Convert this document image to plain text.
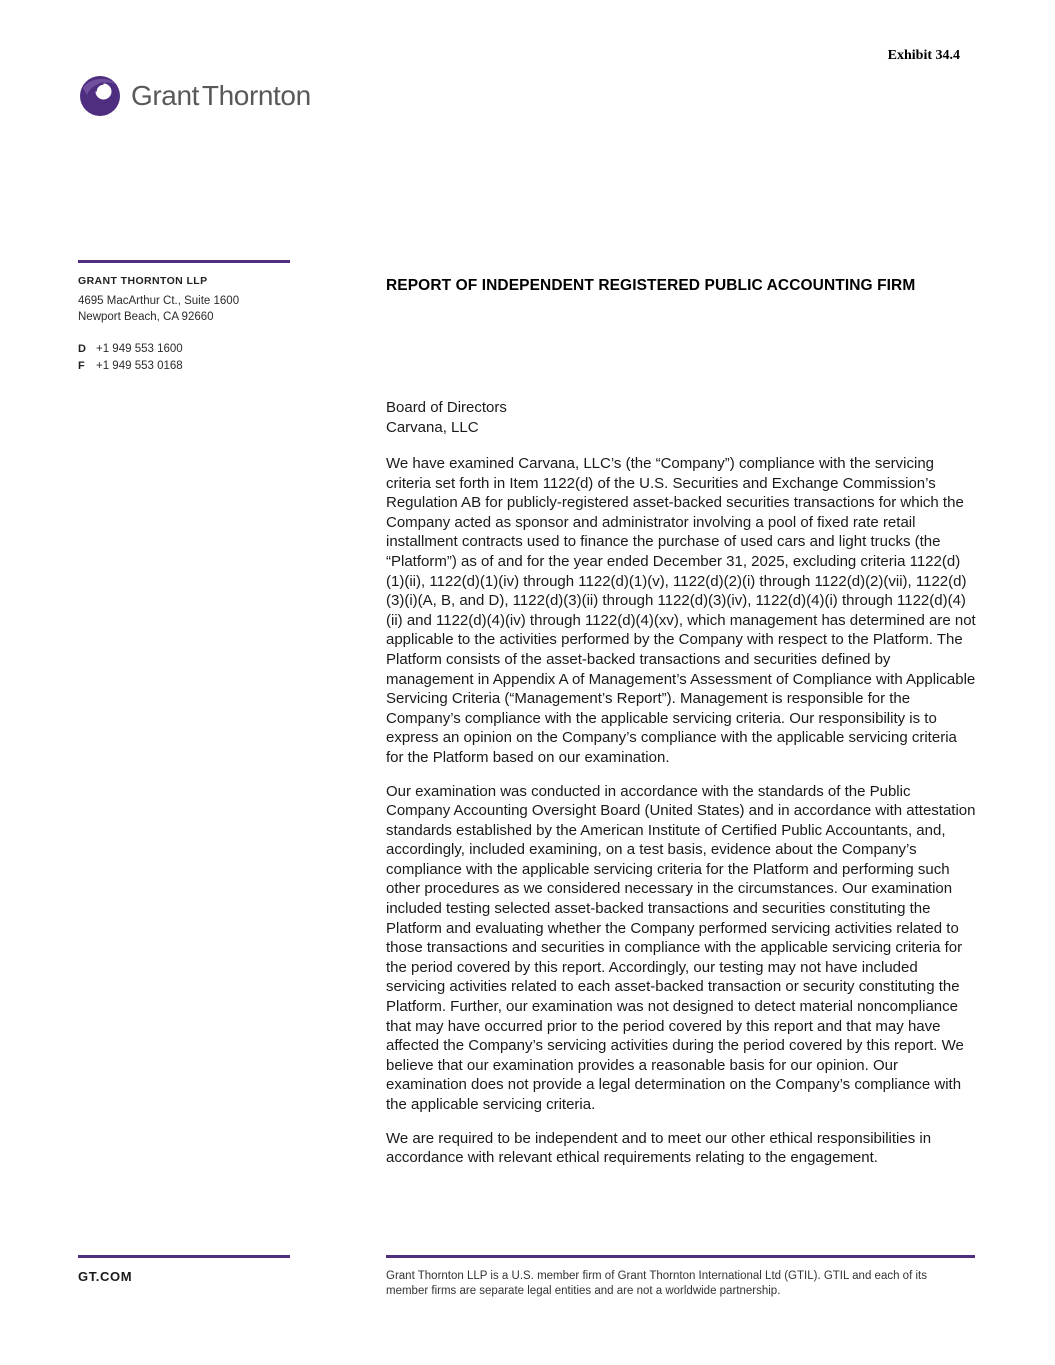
Exhibit 34.4
Grant Thornton
GRANT THORNTON LLP
4695 MacArthur Ct., Suite 1600
Newport Beach, CA 92660
D +1 949 553 1600
F +1 949 553 0168
REPORT OF INDEPENDENT REGISTERED PUBLIC ACCOUNTING FIRM
Board of Directors
Carvana, LLC

We have examined Carvana, LLC’s (the “Company”) compliance with the servicing criteria set forth in Item 1122(d) of the U.S. Securities and Exchange Commission’s Regulation AB for publicly-registered asset-backed securities transactions for which the Company acted as sponsor and administrator involving a pool of fixed rate retail installment contracts used to finance the purchase of used cars and light trucks (the “Platform”) as of and for the year ended December 31, 2025, excluding criteria 1122(d)(1)(ii), 1122(d)(1)(iv) through 1122(d)(1)(v), 1122(d)(2)(i) through 1122(d)(2)(vii), 1122(d)(3)(i)(A, B, and D), 1122(d)(3)(ii) through 1122(d)(3)(iv), 1122(d)(4)(i) through 1122(d)(4)(ii) and 1122(d)(4)(iv) through 1122(d)(4)(xv), which management has determined are not applicable to the activities performed by the Company with respect to the Platform. The Platform consists of the asset-backed transactions and securities defined by management in Appendix A of Management’s Assessment of Compliance with Applicable Servicing Criteria (“Management’s Report”). Management is responsible for the Company’s compliance with the applicable servicing criteria. Our responsibility is to express an opinion on the Company’s compliance with the applicable servicing criteria for the Platform based on our examination.

Our examination was conducted in accordance with the standards of the Public Company Accounting Oversight Board (United States) and in accordance with attestation standards established by the American Institute of Certified Public Accountants, and, accordingly, included examining, on a test basis, evidence about the Company’s compliance with the applicable servicing criteria for the Platform and performing such other procedures as we considered necessary in the circumstances. Our examination included testing selected asset-backed transactions and securities constituting the Platform and evaluating whether the Company performed servicing activities related to those transactions and securities in compliance with the applicable servicing criteria for the period covered by this report. Accordingly, our testing may not have included servicing activities related to each asset-backed transaction or security constituting the Platform. Further, our examination was not designed to detect material noncompliance that may have occurred prior to the period covered by this report and that may have affected the Company’s servicing activities during the period covered by this report. We believe that our examination provides a reasonable basis for our opinion. Our examination does not provide a legal determination on the Company’s compliance with the applicable servicing criteria.

We are required to be independent and to meet our other ethical responsibilities in accordance with relevant ethical requirements relating to the engagement.

GT.COM	Grant Thornton LLP is a U.S. member firm of Grant Thornton International Ltd (GTIL). GTIL and each of its member firms are separate legal entities and are not a worldwide partnership.
